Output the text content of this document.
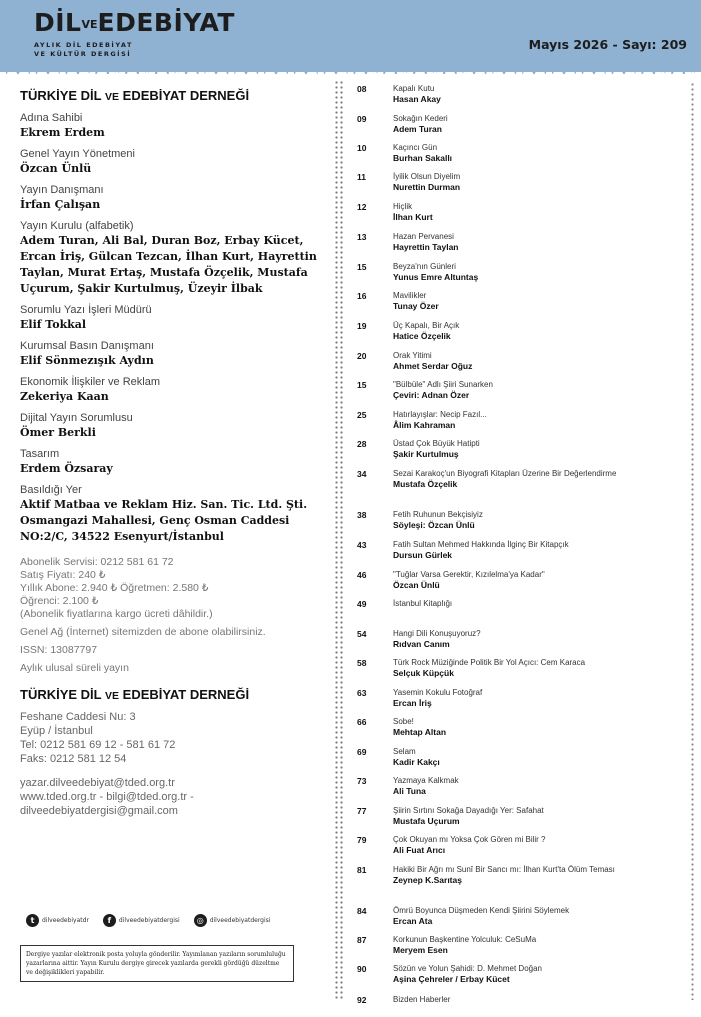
DİLVEEDEBİYAT
AYLIK DİL EDEBİYAT
VE KÜLTÜR DERGİSİ
Mayıs 2026 - Sayı: 209
TÜRKİYE DİL VE EDEBİYAT DERNEĞİ
Adına Sahibi
Ekrem Erdem
Genel Yayın Yönetmeni
Özcan Ünlü
Yayın Danışmanı
İrfan Çalışan
Yayın Kurulu (alfabetik)
Adem Turan, Ali Bal, Duran Boz, Erbay Kücet, Ercan İriş, Gülcan Tezcan, İlhan Kurt, Hayrettin Taylan, Murat Ertaş, Mustafa Özçelik, Mustafa Uçurum, Şakir Kurtulmuş, Üzeyir İlbak
Sorumlu Yazı İşleri Müdürü
Elif Tokkal
Kurumsal Basın Danışmanı
Elif Sönmezışık Aydın
Ekonomik İlişkiler ve Reklam
Zekeriya Kaan
Dijital Yayın Sorumlusu
Ömer Berkli
Tasarım
Erdem Özsaray
Basıldığı Yer
Aktif Matbaa ve Reklam Hiz. San. Tic. Ltd. Şti. Osmangazi Mahallesi, Genç Osman Caddesi NO:2/C, 34522 Esenyurt/İstanbul
Abonelik Servisi: 0212 581 61 72
Satış Fiyatı: 240 ₺
Yıllık Abone: 2.940 ₺ Öğretmen: 2.580 ₺
Öğrenci: 2.100 ₺
(Abonelik fiyatlarına kargo ücreti dâhildir.)
Genel Ağ (İnternet) sitemizden de abone olabilirsiniz.
ISSN: 13087797
Aylık ulusal süreli yayın
TÜRKİYE DİL VE EDEBİYAT DERNEĞİ
Feshane Caddesi Nu: 3
Eyüp / İstanbul
Tel: 0212 581 69 12 - 581 61 72
Faks: 0212 581 12 54
yazar.dilveedebiyat@tded.org.tr
www.tded.org.tr - bilgi@tded.org.tr -
dilveedebiyatdergisi@gmail.com
t	dilveedebiyatdr	f	dilveedebiyatdergisi	◎	dilveedebiyatdergisi
Dergiye yazılar elektronik posta yoluyla gönderilir. Yayımlanan yazıların sorumluluğu yazarlarına aittir. Yayın Kurulu dergiye girecek yazılarda gerekli gördüğü düzeltme ve değişiklikleri yapabilir.
08	Kapalı Kutu
Hasan Akay
09	Sokağın Kederi
Adem Turan
10	Kaçıncı Gün
Burhan Sakallı
11	İyilik Olsun Diyelim
Nurettin Durman
12	Hiçlik
İlhan Kurt
13	Hazan Pervanesi
Hayrettin Taylan
15	Beyza'nın Günleri
Yunus Emre Altuntaş
16	Mavilikler
Tunay Özer
19	Üç Kapalı, Bir Açık
Hatice Özçelik
20	Orak Yitimi
Ahmet Serdar Oğuz
15	"Bülbüle" Adlı Şiiri Sunarken
Çeviri: Adnan Özer
25	Hatırlayışlar: Necip Fazıl...
Âlim Kahraman
28	Üstad Çok Büyük Hatipti
Şakir Kurtulmuş
34	Sezai Karakoç'un Biyografi Kitapları Üzerine Bir Değerlendirme
Mustafa Özçelik
38	Fetih Ruhunun Bekçisiyiz
Söyleşi: Özcan Ünlü
43	Fatih Sultan Mehmed Hakkında İlginç Bir Kitapçık
Dursun Gürlek
46	"Tuğlar Varsa Gerektir, Kızılelma'ya Kadar"
Özcan Ünlü
49	İstanbul Kitaplığı
54	Hangi Dili Konuşuyoruz?
Rıdvan Canım
58	Türk Rock Müziğinde Politik Bir Yol Açıcı: Cem Karaca
Selçuk Küpçük
63	Yasemin Kokulu Fotoğraf
Ercan İriş
66	Sobe!
Mehtap Altan
69	Selam
Kadir Kakçı
73	Yazmaya Kalkmak
Ali Tuna
77	Şiirin Sırtını Sokağa Dayadığı Yer: Safahat
Mustafa Uçurum
79	Çok Okuyan mı Yoksa Çok Gören mi Bilir ?
Ali Fuat Arıcı
81	Hakiki Bir Ağrı mı Sunî Bir Sancı mı: İlhan Kurt'ta Ölüm Teması
Zeynep K.Sarıtaş
84	Ömrü Boyunca Düşmeden Kendi Şiirini Söylemek
Ercan Ata
87	Korkunun Başkentine Yolculuk: CeSuMa
Meryem Esen
90	Sözün ve Yolun Şahidi: D. Mehmet Doğan
Aşina Çehreler / Erbay Kücet
92	Bizden Haberler
